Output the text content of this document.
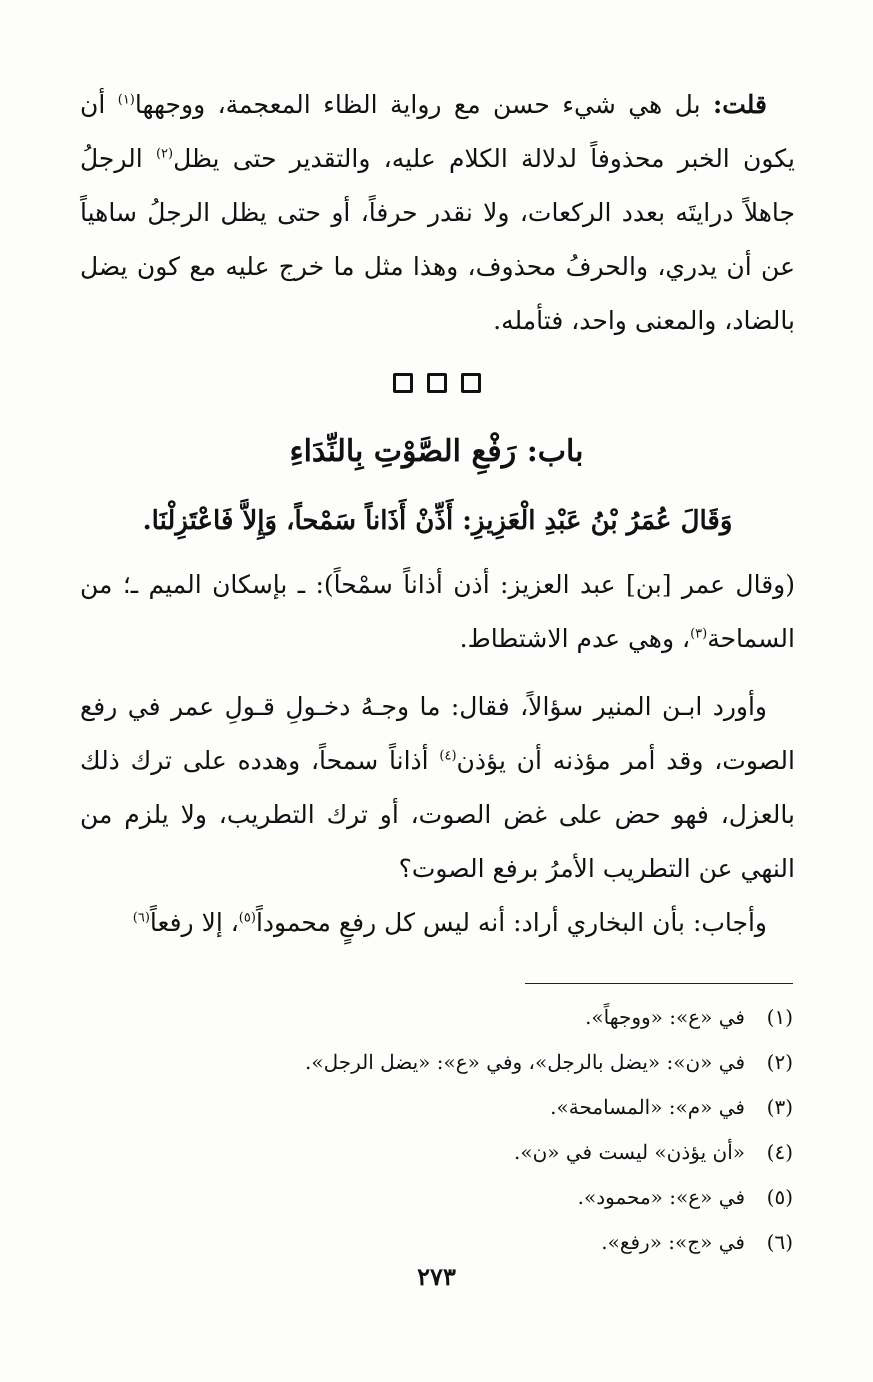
قلت: بل هي شيء حسن مع رواية الظاء المعجمة، ووجهها$^{(١)}$ أن يكون الخبر محذوفاً لدلالة الكلام عليه، والتقدير حتى يظل$^{(٢)}$ الرجلُ جاهلاً درايتَه بعدد الركعات، ولا نقدر حرفاً، أو حتى يظل الرجلُ ساهياً عن أن يدري، والحرفُ محذوف، وهذا مثل ما خرج عليه مع كون يضل بالضاد، والمعنى واحد، فتأمله.

باب: رَفْعِ الصَّوْتِ بِالنِّدَاءِ
وَقَالَ عُمَرُ بْنُ عَبْدِ الْعَزِيزِ: أَذِّنْ أَذَاناً سَمْحاً، وَإِلاَّ فَاعْتَزِلْنَا.

(وقال عمر [بن] عبد العزيز: أذن أذاناً سمْحاً): ـ بإسكان الميم ـ؛ من السماحة$^{(٣)}$، وهي عدم الاشتطاط.

وأورد ابـن المنير سؤالاً، فقال: ما وجـهُ دخـولِ قـولِ عمر في رفع الصوت، وقد أمر مؤذنه أن يؤذن$^{(٤)}$ أذاناً سمحاً، وهدده على ترك ذلك بالعزل، فهو حض على غض الصوت، أو ترك التطريب، ولا يلزم من النهي عن التطريب الأمرُ برفع الصوت؟

وأجاب: بأن البخاري أراد: أنه ليس كل رفعٍ محموداً$^{(٥)}$، إلا رفعاً$^{(٦)}$

(١)
في «ع»: «ووجهاً».
(٢)
في «ن»: «يضل بالرجل»، وفي «ع»: «يضل الرجل».
(٣)
في «م»: «المسامحة».
(٤)
«أن يؤذن» ليست في «ن».
(٥)
في «ع»: «محمود».
(٦)
في «ج»: «رفع».
٢٧٣
